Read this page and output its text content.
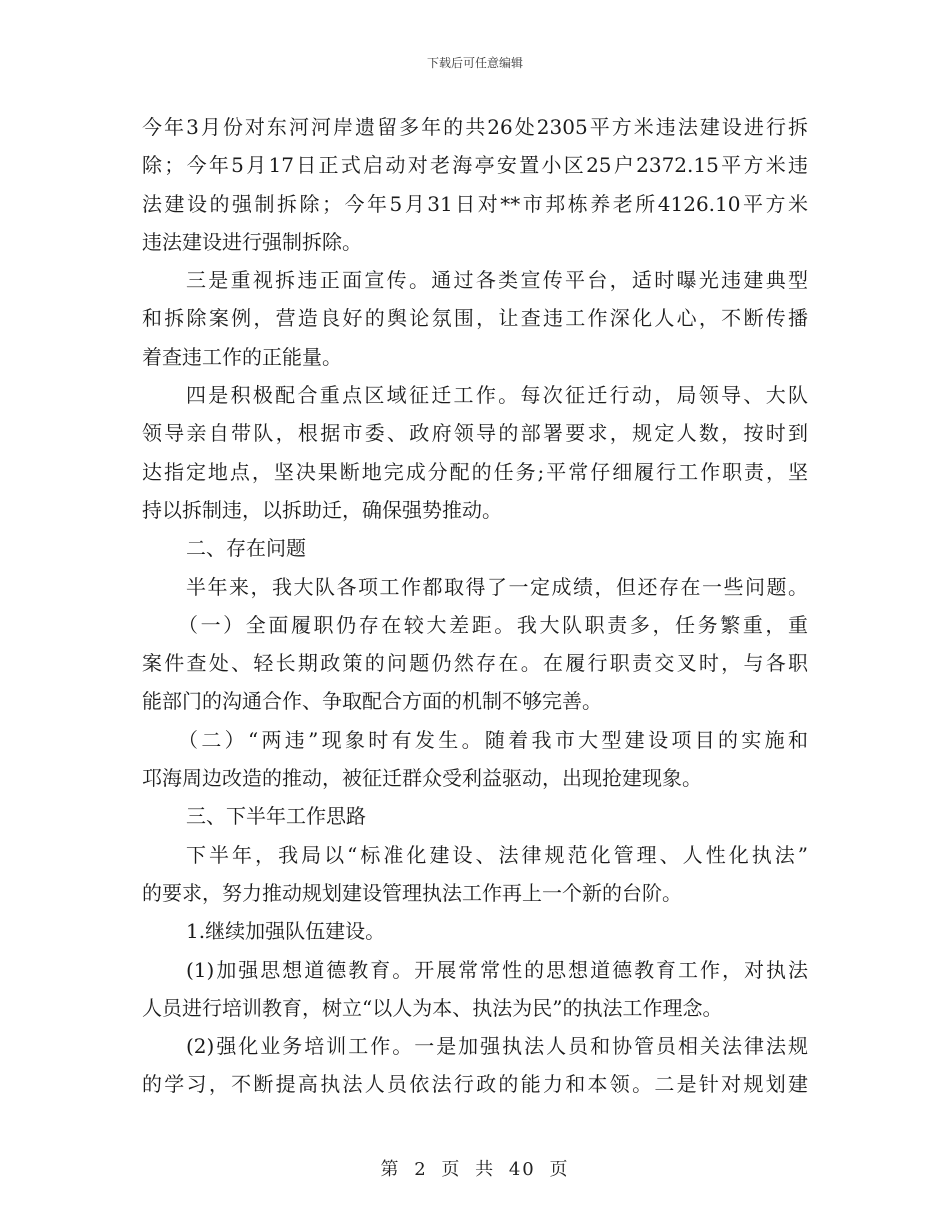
下载后可任意编辑
今年3月份对东河河岸遗留多年的共26处2305平方米违法建设进行拆
除；今年5月17日正式启动对老海亭安置小区25户2372.15平方米违
法建设的强制拆除；今年5月31日对**市邦栋养老所4126.10平方米
违法建设进行强制拆除。
三是重视拆违正面宣传。通过各类宣传平台，适时曝光违建典型
和拆除案例，营造良好的舆论氛围，让查违工作深化人心，不断传播
着查违工作的正能量。
四是积极配合重点区域征迁工作。每次征迁行动，局领导、大队
领导亲自带队，根据市委、政府领导的部署要求，规定人数，按时到
达指定地点，坚决果断地完成分配的任务;平常仔细履行工作职责，坚
持以拆制违，以拆助迁，确保强势推动。
二、存在问题
半年来，我大队各项工作都取得了一定成绩，但还存在一些问题。
（一）全面履职仍存在较大差距。我大队职责多，任务繁重，重
案件查处、轻长期政策的问题仍然存在。在履行职责交叉时，与各职
能部门的沟通合作、争取配合方面的机制不够完善。
（二）“两违”现象时有发生。随着我市大型建设项目的实施和
邛海周边改造的推动，被征迁群众受利益驱动，出现抢建现象。
三、下半年工作思路
下半年，我局以“标准化建设、法律规范化管理、人性化执法”
的要求，努力推动规划建设管理执法工作再上一个新的台阶。
1.继续加强队伍建设。
(1)加强思想道德教育。开展常常性的思想道德教育工作，对执法
人员进行培训教育，树立“以人为本、执法为民”的执法工作理念。
(2)强化业务培训工作。一是加强执法人员和协管员相关法律法规
的学习，不断提高执法人员依法行政的能力和本领。二是针对规划建
第 2 页 共 40 页
